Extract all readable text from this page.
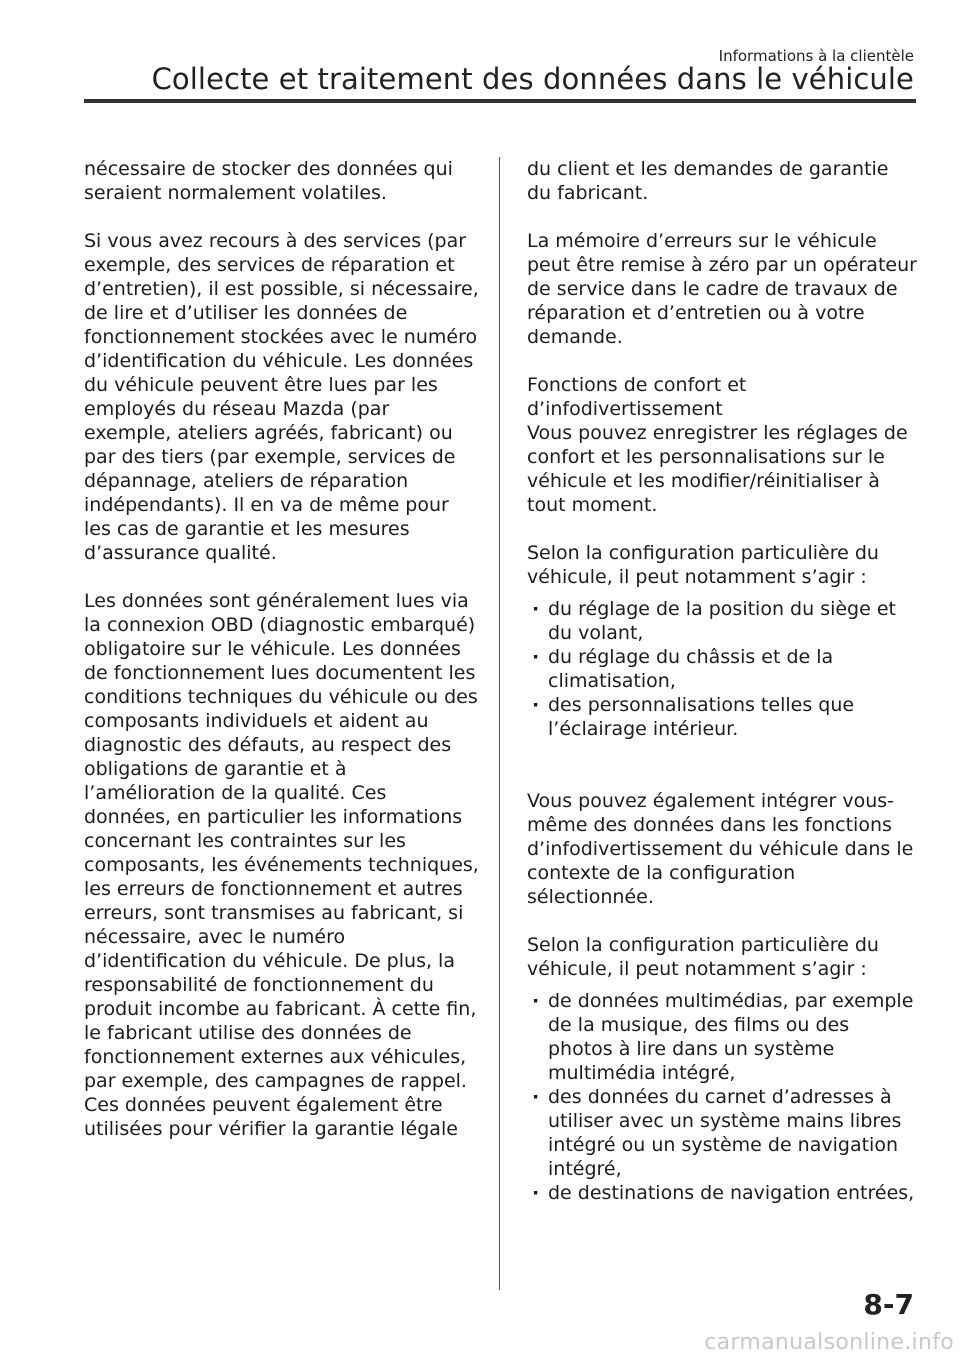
Informations à la clientèle
Collecte et traitement des données dans le véhicule

nécessaire de stocker des données qui seraient normalement volatiles.

Si vous avez recours à des services (par exemple, des services de réparation et d’entretien), il est possible, si nécessaire, de lire et d’utiliser les données de fonctionnement stockées avec le numéro d’identification du véhicule. Les données du véhicule peuvent être lues par les employés du réseau Mazda (par exemple, ateliers agréés, fabricant) ou par des tiers (par exemple, services de dépannage, ateliers de réparation indépendants). Il en va de même pour les cas de garantie et les mesures d’assurance qualité.

Les données sont généralement lues via la connexion OBD (diagnostic embarqué) obligatoire sur le véhicule. Les données de fonctionnement lues documentent les conditions techniques du véhicule ou des composants individuels et aident au diagnostic des défauts, au respect des obligations de garantie et à l’amélioration de la qualité. Ces données, en particulier les informations concernant les contraintes sur les composants, les événements techniques, les erreurs de fonctionnement et autres erreurs, sont transmises au fabricant, si nécessaire, avec le numéro d’identification du véhicule. De plus, la responsabilité de fonctionnement du produit incombe au fabricant. À cette fin, le fabricant utilise des données de fonctionnement externes aux véhicules, par exemple, des campagnes de rappel. Ces données peuvent également être utilisées pour vérifier la garantie légale

du client et les demandes de garantie du fabricant.

La mémoire d’erreurs sur le véhicule peut être remise à zéro par un opérateur de service dans le cadre de travaux de réparation et d’entretien ou à votre demande.

Fonctions de confort et d’infodivertissement

Vous pouvez enregistrer les réglages de confort et les personnalisations sur le véhicule et les modifier/réinitialiser à tout moment.

Selon la configuration particulière du véhicule, il peut notamment s’agir :

· du réglage de la position du siège et du volant,
· du réglage du châssis et de la climatisation,
· des personnalisations telles que l’éclairage intérieur.

Vous pouvez également intégrer vous-même des données dans les fonctions d’infodivertissement du véhicule dans le contexte de la configuration sélectionnée.

Selon la configuration particulière du véhicule, il peut notamment s’agir :

· de données multimédias, par exemple de la musique, des films ou des photos à lire dans un système multimédia intégré,
· des données du carnet d’adresses à utiliser avec un système mains libres intégré ou un système de navigation intégré,
· de destinations de navigation entrées,
8-7
carmanualsonline.info
